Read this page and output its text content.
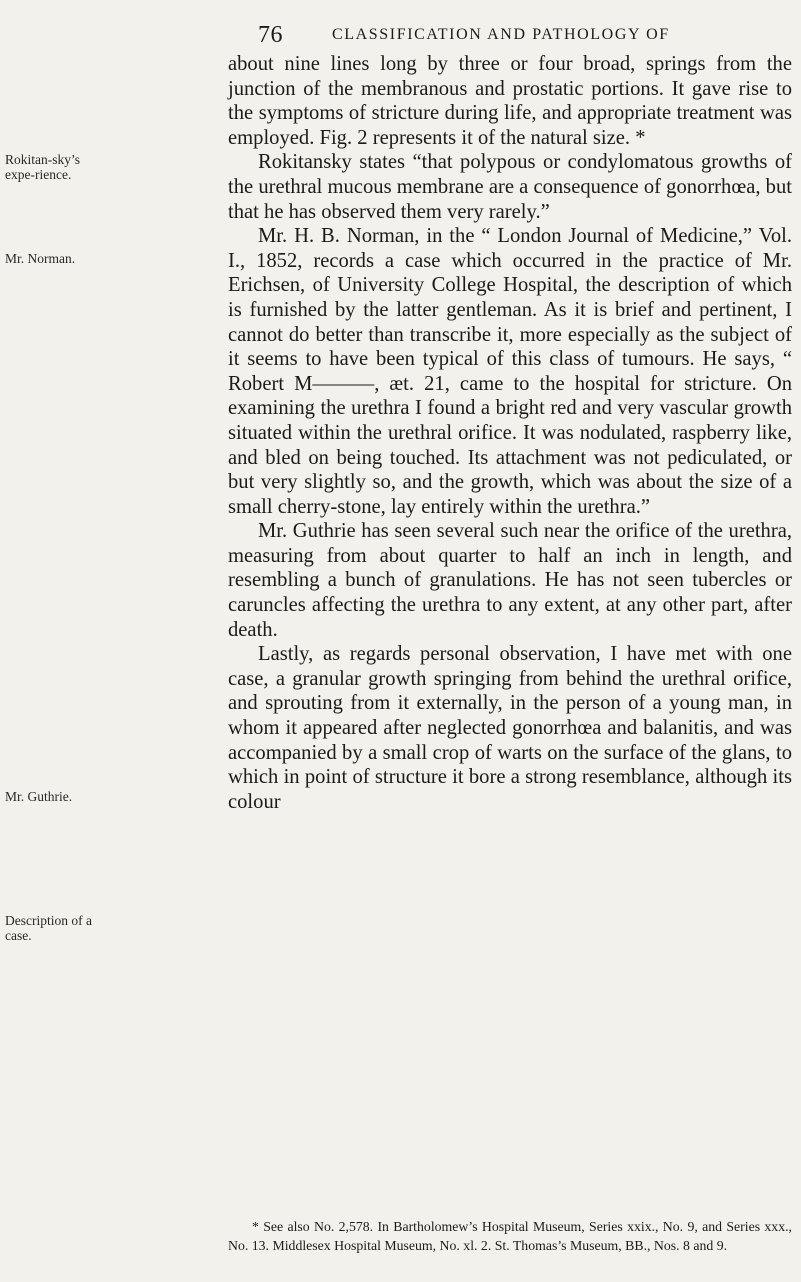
76	CLASSIFICATION AND PATHOLOGY OF
Rokitan-sky’s expe-rience.
Mr. Norman.
Mr. Guthrie.
Description of a case.

about nine lines long by three or four broad, springs from the junction of the membranous and prostatic portions. It gave rise to the symptoms of stricture during life, and appropriate treatment was employed. Fig. 2 represents it of the natural size. *

Rokitansky states “that polypous or condylomatous growths of the urethral mucous membrane are a consequence of gonorrhœa, but that he has observed them very rarely.”

Mr. H. B. Norman, in the “ London Journal of Medicine,” Vol. I., 1852, records a case which occurred in the practice of Mr. Erichsen, of University College Hospital, the description of which is furnished by the latter gentleman. As it is brief and pertinent, I cannot do better than transcribe it, more especially as the subject of it seems to have been typical of this class of tumours. He says, “ Robert M———, æt. 21, came to the hospital for stricture. On examining the urethra I found a bright red and very vascular growth situated within the urethral orifice. It was nodulated, raspberry like, and bled on being touched. Its attachment was not pediculated, or but very slightly so, and the growth, which was about the size of a small cherry-stone, lay entirely within the urethra.”

Mr. Guthrie has seen several such near the orifice of the urethra, measuring from about quarter to half an inch in length, and resembling a bunch of granulations. He has not seen tubercles or caruncles affecting the urethra to any extent, at any other part, after death.

Lastly, as regards personal observation, I have met with one case, a granular growth springing from behind the urethral orifice, and sprouting from it externally, in the person of a young man, in whom it appeared after neglected gonorrhœa and balanitis, and was accompanied by a small crop of warts on the surface of the glans, to which in point of structure it bore a strong resemblance, although its colour

* See also No. 2,578. In Bartholomew’s Hospital Museum, Series xxix., No. 9, and Series xxx., No. 13. Middlesex Hospital Museum, No. xl. 2. St. Thomas’s Museum, BB., Nos. 8 and 9.
